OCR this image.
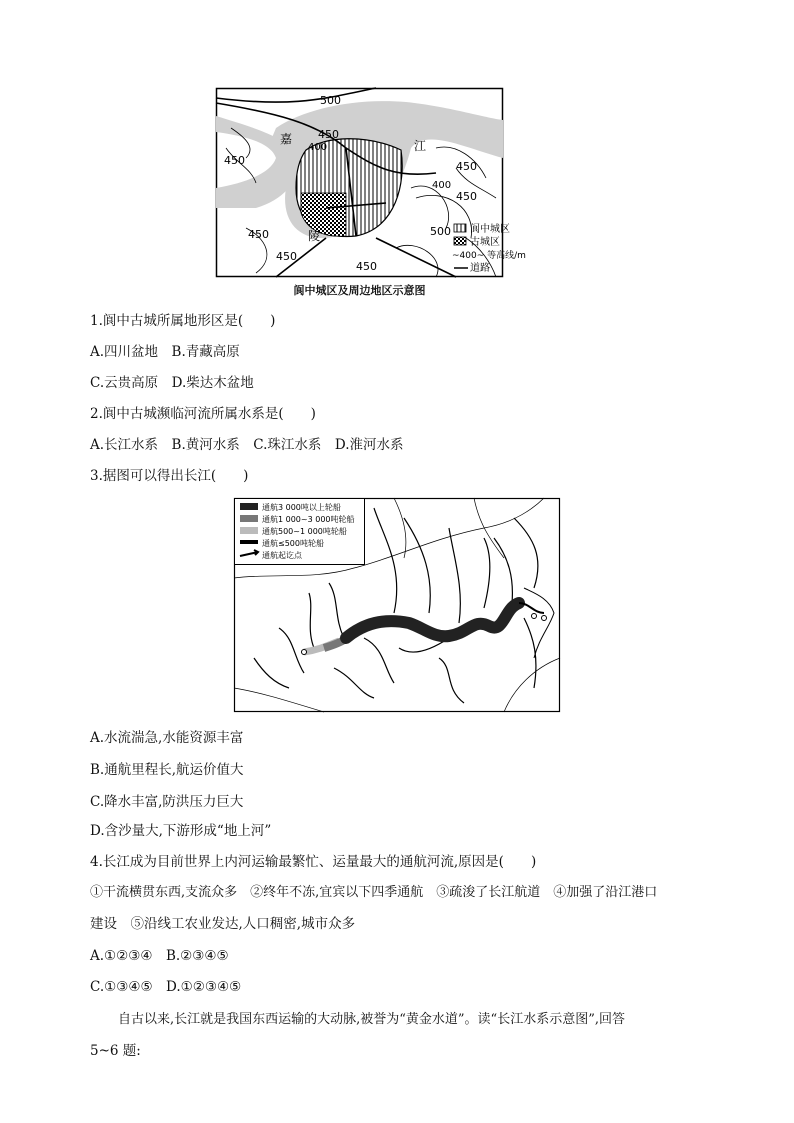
500
450
400
嘉	江
450	450
450
450
450
陵	500
400
450
阆中城区
古城区
~400~ 等高线/m
道路
阆中城区及周边地区示意图
1.阆中古城所属地形区是(　　)
A.四川盆地　B.青藏高原
C.云贵高原　D.柴达木盆地
2.阆中古城濒临河流所属水系是(　　)
A.长江水系　B.黄河水系　C.珠江水系　D.淮河水系
3.据图可以得出长江(　　)
通航3 000吨以上轮船
通航1 000~3 000吨轮船
通航500~1 000吨轮船
通航≤500吨轮船
通航起讫点
A.水流湍急,水能资源丰富
B.通航里程长,航运价值大
C.降水丰富,防洪压力巨大
D.含沙量大,下游形成“地上河”
4.长江成为目前世界上内河运输最繁忙、运量最大的通航河流,原因是(　　)
①干流横贯东西,支流众多　②终年不冻,宜宾以下四季通航　③疏浚了长江航道　④加强了沿江港口
建设　⑤沿线工农业发达,人口稠密,城市众多
A.①②③④　B.②③④⑤
C.①③④⑤　D.①②③④⑤
自古以来,长江就是我国东西运输的大动脉,被誉为“黄金水道”。读“长江水系示意图”,回答
5~6 题:
